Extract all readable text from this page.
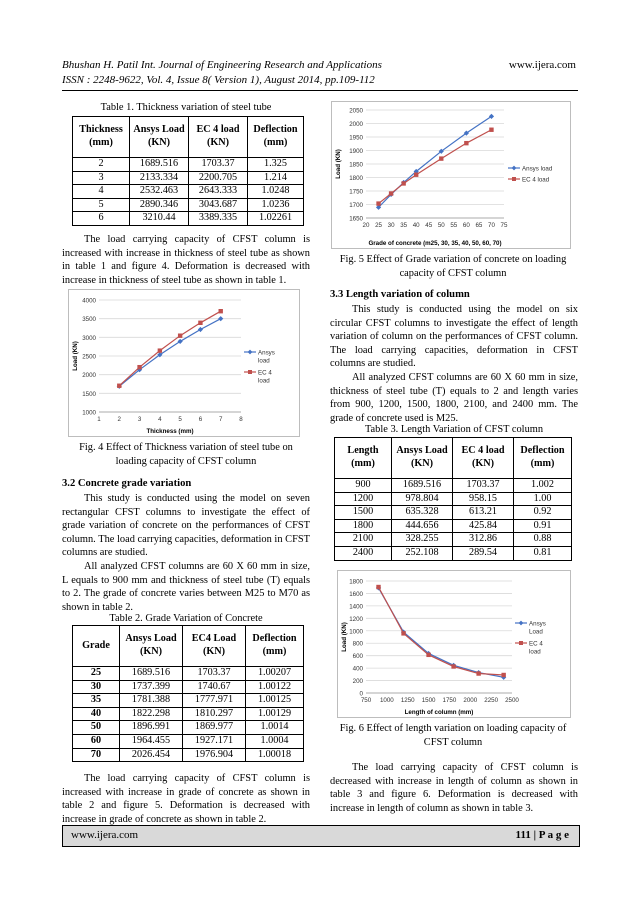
Bhushan H. Patil Int. Journal of Engineering Research and Applications
ISSN : 2248-9622, Vol. 4, Issue 8( Version 1), August 2014, pp.109-112
www.ijera.com
Table 1. Thickness variation of steel tube
Thickness (mm)	Ansys Load (KN)	EC 4 load (KN)	Deflection (mm)
2	1689.516	1703.37	1.325
3	2133.334	2200.705	1.214
4	2532.463	2643.333	1.0248
5	2890.346	3043.687	1.0236
6	3210.44	3389.335	1.02261

The load carrying capacity of CFST column is increased with increase in thickness of steel tube as shown in table 1 and figure 4. Deformation is decreased with increase in thickness of steel tube as shown in table 1.

1000
1500
2000
2500
3000
3500
4000
1	2	3	4	5	6	7	8
Thickness (mm)
Load (KN)	Ansys
load
EC 4
load
Fig. 4 Effect of Thickness variation of steel tube on loading capacity of CFST column
3.2 Concrete grade variation

This study is conducted using the model on seven rectangular CFST columns to investigate the effect of grade variation of concrete on the performances of CFST column. The load carrying capacities, deformation in CFST columns are studied.

All analyzed CFST columns are 60 X 60 mm in size, L equals to 900 mm and thickness of steel tube (T) equals to 2. The grade of concrete varies between M25 to M70 as shown in table 2.

Table 2. Grade Variation of Concrete
Grade	Ansys Load (KN)	EC4 Load (KN)	Deflection (mm)
25	1689.516	1703.37	1.00207
30	1737.399	1740.67	1.00122
35	1781.388	1777.971	1.00125
40	1822.298	1810.297	1.00129
50	1896.991	1869.977	1.0014
60	1964.455	1927.171	1.0004
70	2026.454	1976.904	1.00018

The load carrying capacity of CFST column is increased with increase in grade of concrete as shown in table 2 and figure 5. Deformation is decreased with increase in grade of concrete as shown in table 2.

1650
1700
1750
1800
1850
1900
1950
2000
2050
20 25 30 35 40 45 50 55 60 65 70 75
Grade of concrete (m25, 30, 35, 40, 50, 60, 70)
Load (KN)	Ansys load
EC 4 load
Fig. 5 Effect of Grade variation of concrete on loading capacity of CFST column
3.3 Length variation of column

This study is conducted using the model on six circular CFST columns to investigate the effect of length variation of column on the performances of CFST column. The load carrying capacities, deformation in CFST columns are studied.

All analyzed CFST columns are 60 X 60 mm in size, thickness of steel tube (T) equals to 2 and length varies from 900, 1200, 1500, 1800, 2100, and 2400 mm. The grade of concrete used is M25.

Table 3. Length Variation of CFST column
Length (mm)	Ansys Load (KN)	EC 4 load (KN)	Deflection (mm)
900	1689.516	1703.37	1.002
1200	978.804	958.15	1.00
1500	635.328	613.21	0.92
1800	444.656	425.84	0.91
2100	328.255	312.86	0.88
2400	252.108	289.54	0.81
0
200
400
600
800
1000
1200
1400
1600
1800
750 1000 1250 1500 1750 2000 2250 2500
Length of column (mm)
Load (KN)	Ansys
Load
EC 4
load
Fig. 6 Effect of length variation on loading capacity of CFST column

The load carrying capacity of CFST column is decreased with increase in length of column as shown in table 3 and figure 6. Deformation is decreased with increase in length of column as shown in table 3.

www.ijera.com	111 | P a g e
